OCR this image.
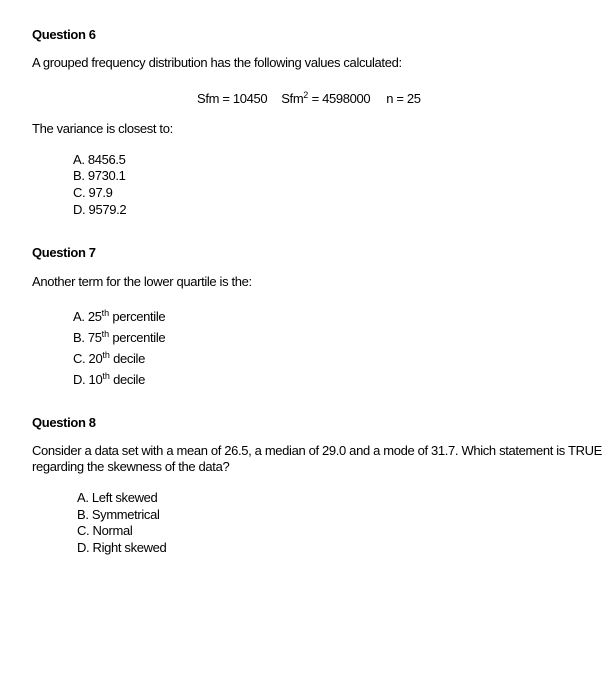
Question 6
A grouped frequency distribution has the following values calculated:
Sfm = 10450 Sfm$^2$ = 4598000 n = 25
The variance is closest to:
A. 8456.5
B. 9730.1
C. 97.9
D. 9579.2
Question 7
Another term for the lower quartile is the:
A. 25th percentile
B. 75th percentile
C. 20th decile
D. 10th decile
Question 8
Consider a data set with a mean of 26.5, a median of 29.0 and a mode of 31.7. Which statement is TRUE
regarding the skewness of the data?
A. Left skewed
B. Symmetrical
C. Normal
D. Right skewed
